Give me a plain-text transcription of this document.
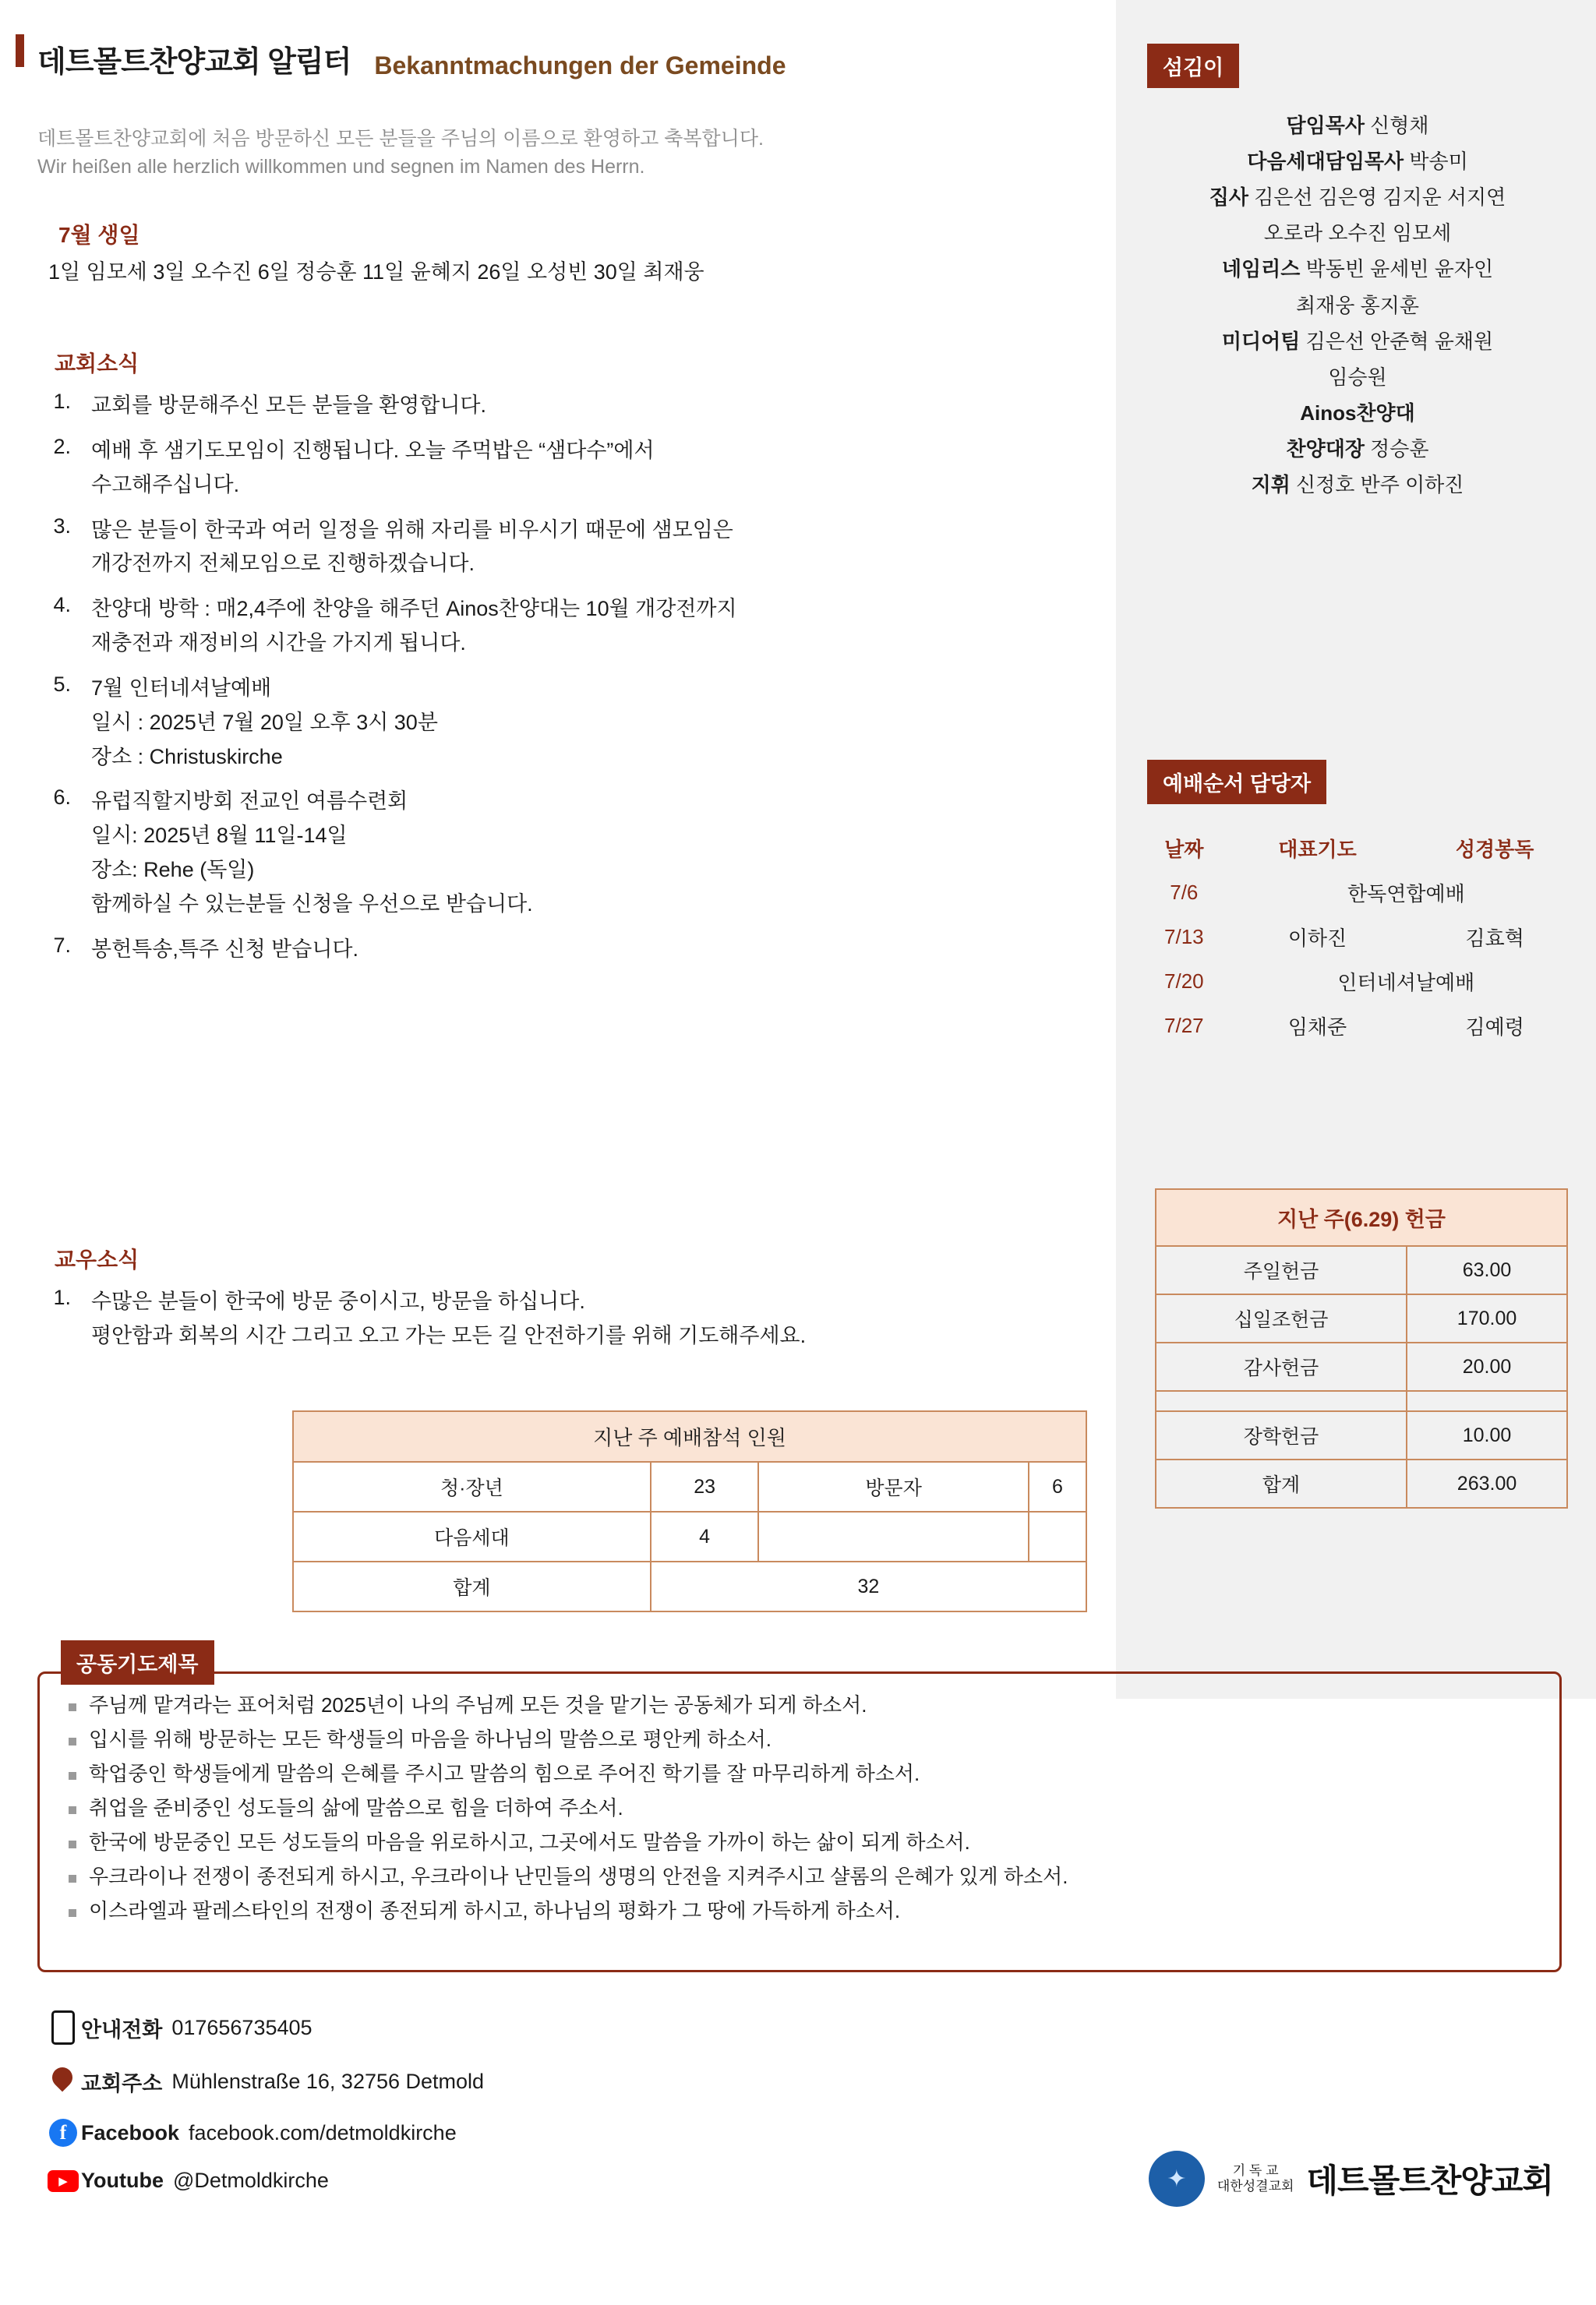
데트몰트찬양교회 알림터 Bekanntmachungen der Gemeinde
데트몰트찬양교회에 처음 방문하신 모든 분들을 주님의 이름으로 환영하고 축복합니다.
Wir heißen alle herzlich willkommen und segnen im Namen des Herrn.
7월 생일
1일 임모세 3일 오수진 6일 정승훈 11일 윤혜지 26일 오성빈 30일 최재웅
교회소식
1. 교회를 방문해주신 모든 분들을 환영합니다.
2. 예배 후 샘기도모임이 진행됩니다. 오늘 주먹밥은 “샘다수”에서
수고해주십니다.
3. 많은 분들이 한국과 여러 일정을 위해 자리를 비우시기 때문에 샘모임은
개강전까지 전체모임으로 진행하겠습니다.
4. 찬양대 방학 : 매2,4주에 찬양을 해주던 Ainos찬양대는 10월 개강전까지
재충전과 재정비의 시간을 가지게 됩니다.
5. 7월 인터네셔날예배
일시 : 2025년 7월 20일 오후 3시 30분
장소 : Christuskirche
6. 유럽직할지방회 전교인 여름수련회
일시: 2025년 8월 11일-14일
장소: Rehe (독일)
함께하실 수 있는분들 신청을 우선으로 받습니다.
7. 봉헌특송,특주 신청 받습니다.
교우소식
1. 수많은 분들이 한국에 방문 중이시고, 방문을 하십니다.
평안함과 회복의 시간 그리고 오고 가는 모든 길 안전하기를 위해 기도해주세요.
지난 주 예배참석 인원			
청·장년	23	방문자	6
다음세대	4		
합계	32		
섬김이
담임목사 신형채
다음세대담임목사 박송미
집사 김은선 김은영 김지운 서지연
오로라 오수진 임모세
네임리스 박동빈 윤세빈 윤자인
최재웅 홍지훈
미디어팀 김은선 안준혁 윤채원
임승원
Ainos찬양대
찬양대장 정승훈
지휘 신정호 반주 이하진
예배순서 담당자
날짜	대표기도	성경봉독
7/6	한독연합예배	
7/13	이하진	김효혁
7/20	인터네셔날예배	
7/27	임채준	김예령
지난 주(6.29) 헌금	
주일헌금	63.00
십일조헌금	170.00
감사헌금	20.00

장학헌금	10.00
합계	263.00
공동기도제목
주님께 맡겨라는 표어처럼 2025년이 나의 주님께 모든 것을 맡기는 공동체가 되게 하소서.
입시를 위해 방문하는 모든 학생들의 마음을 하나님의 말씀으로 평안케 하소서.
학업중인 학생들에게 말씀의 은혜를 주시고 말씀의 힘으로 주어진 학기를 잘 마무리하게 하소서.
취업을 준비중인 성도들의 삶에 말씀으로 힘을 더하여 주소서.
한국에 방문중인 모든 성도들의 마음을 위로하시고, 그곳에서도 말씀을 가까이 하는 삶이 되게 하소서.
우크라이나 전쟁이 종전되게 하시고, 우크라이나 난민들의 생명의 안전을 지켜주시고 샬롬의 은혜가 있게 하소서.
이스라엘과 팔레스타인의 전쟁이 종전되게 하시고, 하나님의 평화가 그 땅에 가득하게 하소서.
안내전화 017656735405
교회주소 Mühlenstraße 16, 32756 Detmold
f Facebook facebook.com/detmoldkirche
▶ Youtube @Detmoldkirche	✦	기 독 교
대한성결교회 데트몰트찬양교회
